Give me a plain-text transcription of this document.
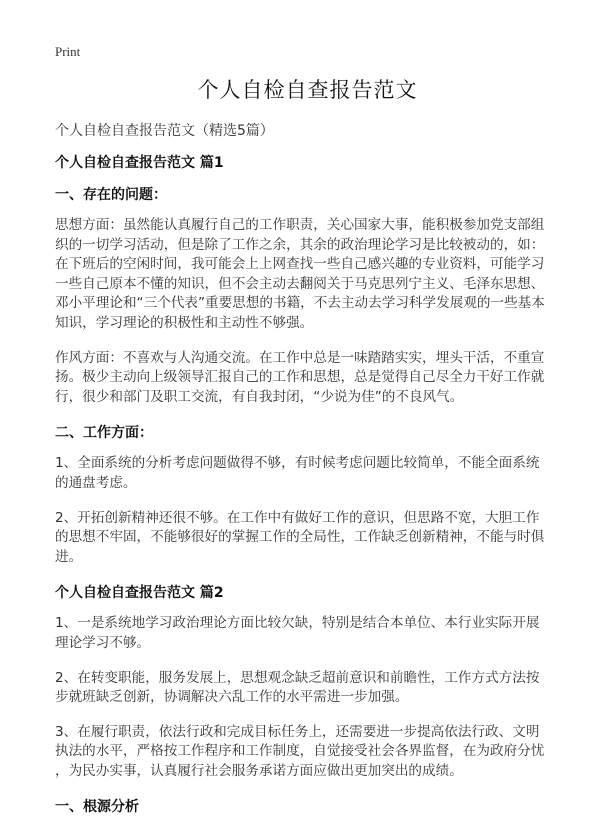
Print
个人自检自查报告范文
个人自检自查报告范文（精选5篇）
个人自检自查报告范文 篇1
一、存在的问题：
思想方面：虽然能认真履行自己的工作职责，关心国家大事，能积极参加党支部组
织的一切学习活动，但是除了工作之余，其余的政治理论学习是比较被动的，如：
在下班后的空闲时间，我可能会上上网查找一些自己感兴趣的专业资料，可能学习
一些自己原本不懂的知识，但不会主动去翻阅关于马克思列宁主义、毛泽东思想、
邓小平理论和“三个代表”重要思想的书籍，不去主动去学习科学发展观的一些基本
知识，学习理论的积极性和主动性不够强。
作风方面：不喜欢与人沟通交流。在工作中总是一味踏踏实实，埋头干活，不重宣
扬。极少主动向上级领导汇报自己的工作和思想，总是觉得自己尽全力干好工作就
行，很少和部门及职工交流，有自我封闭，“少说为佳”的不良风气。
二、工作方面：
1、全面系统的分析考虑问题做得不够，有时候考虑问题比较简单，不能全面系统
的通盘考虑。
2、开拓创新精神还很不够。在工作中有做好工作的意识，但思路不宽，大胆工作
的思想不牢固，不能够很好的掌握工作的全局性，工作缺乏创新精神，不能与时俱
进。
个人自检自查报告范文 篇2
1、一是系统地学习政治理论方面比较欠缺，特别是结合本单位、本行业实际开展
理论学习不够。
2、在转变职能，服务发展上，思想观念缺乏超前意识和前瞻性，工作方式方法按
步就班缺乏创新，协调解决六乱工作的水平需进一步加强。
3、在履行职责，依法行政和完成目标任务上，还需要进一步提高依法行政、文明
执法的水平，严格按工作程序和工作制度，自觉接受社会各界监督，在为政府分忧
，为民办实事，认真履行社会服务承诺方面应做出更加突出的成绩。
一、根源分析
